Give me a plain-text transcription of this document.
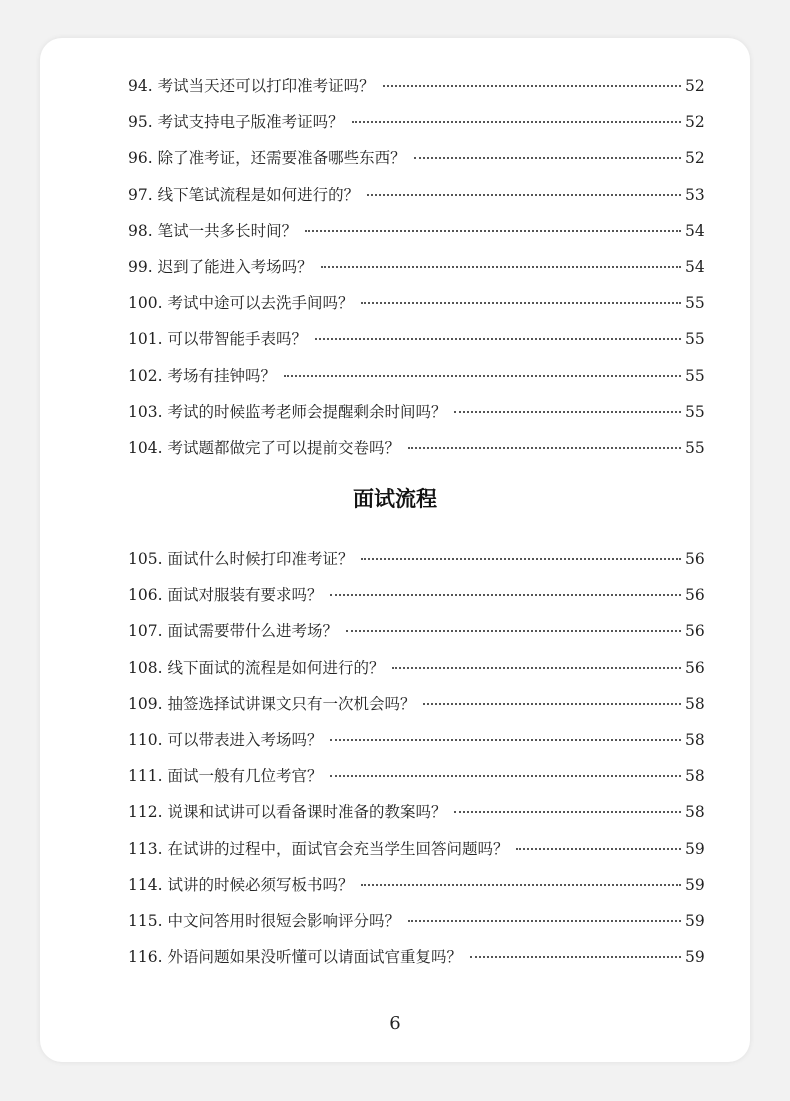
94. 考试当天还可以打印准考证吗？	52
95. 考试支持电子版准考证吗？	52
96. 除了准考证，还需要准备哪些东西？	52
97. 线下笔试流程是如何进行的？	53
98. 笔试一共多长时间？	54
99. 迟到了能进入考场吗？	54
100. 考试中途可以去洗手间吗？	55
101. 可以带智能手表吗？	55
102. 考场有挂钟吗？	55
103. 考试的时候监考老师会提醒剩余时间吗？	55
104. 考试题都做完了可以提前交卷吗？	55
面试流程
105. 面试什么时候打印准考证？	56
106. 面试对服装有要求吗？	56
107. 面试需要带什么进考场？	56
108. 线下面试的流程是如何进行的？	56
109. 抽签选择试讲课文只有一次机会吗？	58
110. 可以带表进入考场吗？	58
111. 面试一般有几位考官？	58
112. 说课和试讲可以看备课时准备的教案吗？	58
113. 在试讲的过程中，面试官会充当学生回答问题吗？	59
114. 试讲的时候必须写板书吗？	59
115. 中文问答用时很短会影响评分吗？	59
116. 外语问题如果没听懂可以请面试官重复吗？	59
6
